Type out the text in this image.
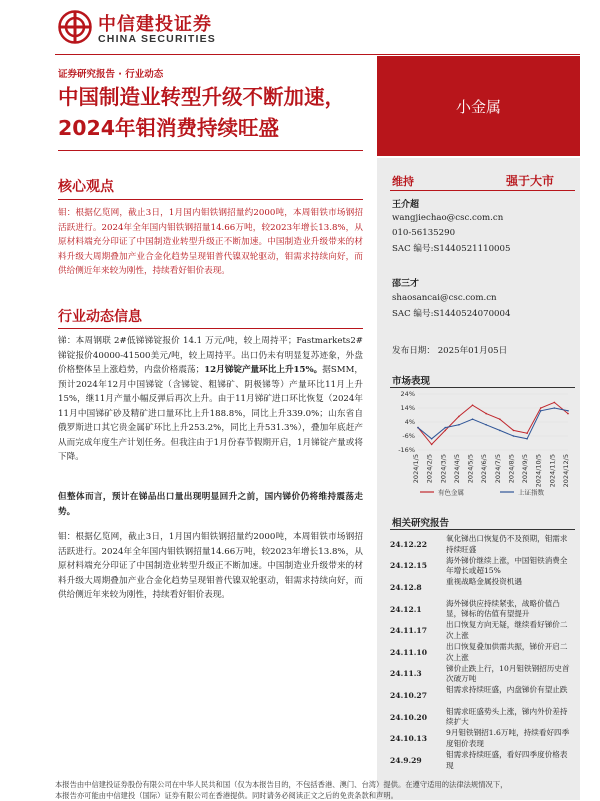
中信建投证券
CHINA SECURITIES
证券研究报告 · 行业动态
中国制造业转型升级不断加速，2024年钼消费持续旺盛
小金属
核心观点
钼：根据亿览网，截止3日，1月国内钼铁钢招量约2000吨，本周钼铁市场钢招活跃进行。2024年全年国内钼铁钢招量14.66万吨，较2023年增长13.8%，从原材料端充分印证了中国制造业转型升级正不断加速。中国制造业升级带来的材料升级大周期叠加产业合金化趋势呈现钼普代镍双轮驱动，钼需求持续向好，而供给侧近年来较为刚性，持续看好钼价表现。
行业动态信息
锑：本周钢联 2#低锑锑锭报价 14.1 万元/吨，较上周持平；Fastmarkets2#锑锭报价40000-41500美元/吨，较上周持平。出口仍未有明显复苏迹象，外盘价格整体呈上涨趋势，内盘价格震荡；12月锑锭产量环比上升15%。据SMM，预计2024年12月中国锑锭（含锑锭、粗锑矿、阴极锑等）产量环比11月上升15%，继11月产量小幅反弹后再次上升。由于11月锑矿进口环比恢复（2024年11月中国锑矿砂及精矿进口量环比上升188.8%，同比上升339.0%；山东省自俄罗斯进口其它贵金属矿环比上升253.2%，同比上升531.3%），叠加年底赶产从而完成年度生产计划任务。但我注由于1月份春节假期开启，1月锑锭产量或将下降。
但整体而言，预计在锑品出口量出现明显回升之前，国内锑价仍将维持震荡走势。
钼：根据亿览网，截止3日，1月国内钼铁钢招量约2000吨，本周钼铁市场钢招活跃进行。2024年全年国内钼铁钢招量14.66万吨，较2023年增长13.8%，从原材料端充分印证了中国制造业转型升级正不断加速。中国制造业升级带来的材料升级大周期叠加产业合金化趋势呈现钼普代镍双轮驱动，钼需求持续向好，而供给侧近年来较为刚性，持续看好钼价表现。
维持	强于大市
王介超
wangjiechao@csc.com.cn
010-56135290
SAC 编号:S1440521110005
邵三才
shaosancai@csc.com.cn
SAC 编号:S1440524070004
发布日期： 2025年01月05日
市场表现
24%
14%
4%
-6%
-16%
2024/1/5 2024/2/5 2024/3/5 2024/4/5 2024/5/5 2024/6/5 2024/7/5 2024/8/5 2024/9/5 2024/10/5 2024/11/5 2024/12/5
有色金属	上证指数
相关研究报告
24.12.22
氧化锑出口恢复仍不及预期，钼需求持续旺盛
24.12.15
海外锑价继续上涨，中国钼铁消费全年增长或超15%
24.12.8
重视战略金属投资机遇
24.12.1
海外锑供应持续紧张，战略价值凸显，锑标的估值有望提升
24.11.17
出口恢复方向无疑，继续看好锑价二次上涨
24.11.10
出口恢复叠加供需共振，锑价开启二次上涨
24.11.3
锑价止跌上行，10月钼铁钢招历史首次破万吨
24.10.27
钼需求持续旺盛，内盘锑价有望止跌
24.10.20
钼需求旺盛势头上涨，锑内外价差持续扩大
24.10.13
9月钼铁钢招1.6万吨，持续看好四季度钼价表现
24.9.29
钼需求持续旺盛，看好四季度价格表现
本报告由中信建投证券股份有限公司在中华人民共和国（仅为本报告目的，不包括香港、澳门、台湾）提供。在遵守适用的法律法规情况下，
本报告亦可能由中信建投（国际）证券有限公司在香港提供。同时请务必阅读正文之后的免责条款和声明。
